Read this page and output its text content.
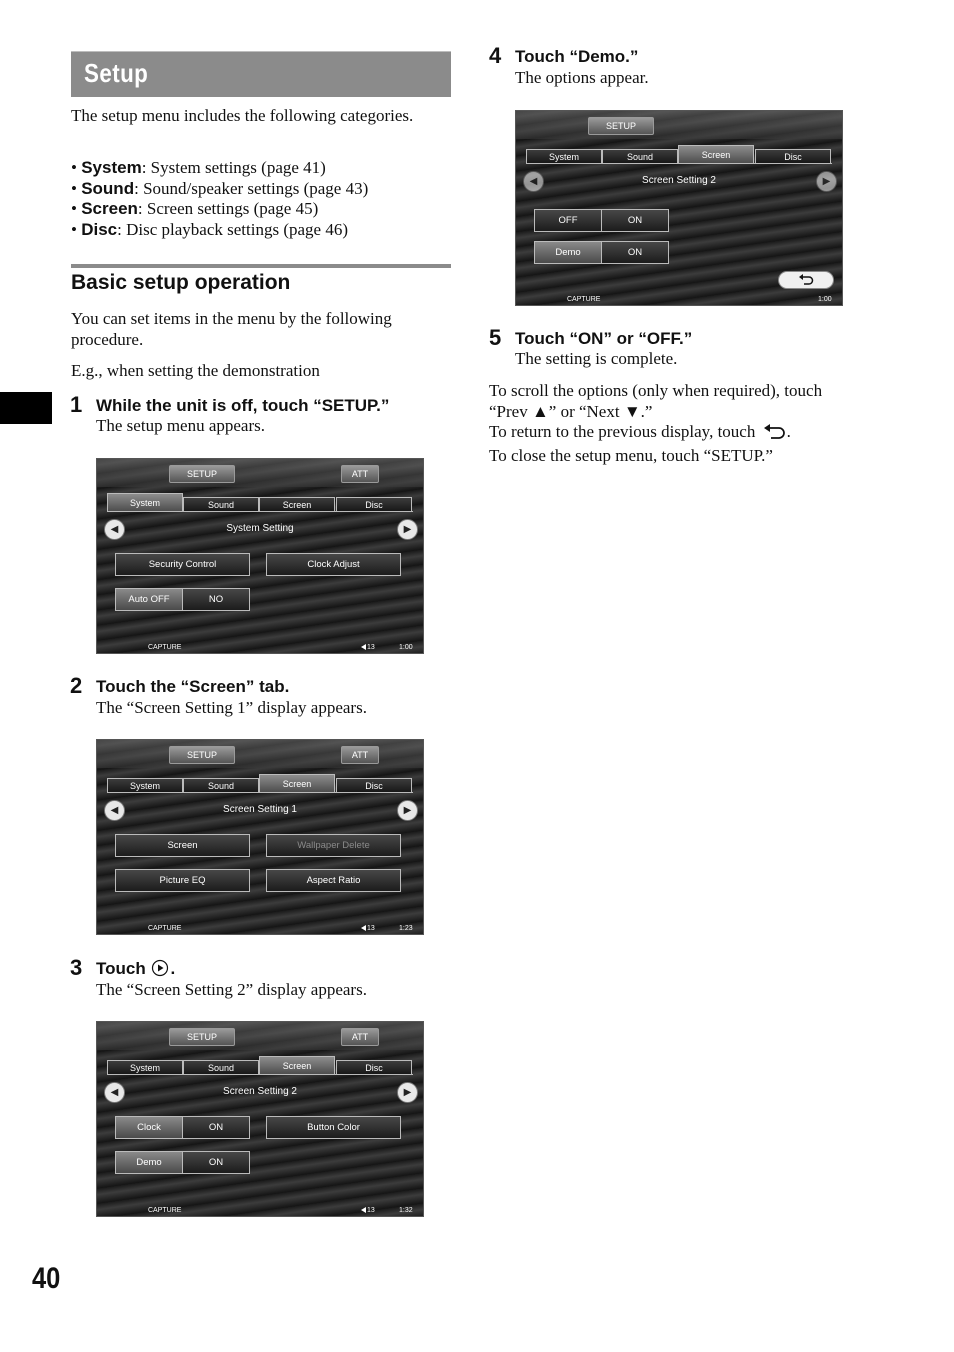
Setup
The setup menu includes the following categories.
• System: System settings (page 41)
• Sound: Sound/speaker settings (page 43)
• Screen: Screen settings (page 45)
• Disc: Disc playback settings (page 46)
Basic setup operation
You can set items in the menu by the following procedure.
E.g., when setting the demonstration
1 While the unit is off, touch “SETUP.”
The setup menu appears.
SETUP	ATT
System	Sound	Screen	Disc
◀	▶
System Setting
Security Control	Clock Adjust
Auto OFF	NO
CAPTURE	13	1:00
2 Touch the “Screen” tab.
The “Screen Setting 1” display appears.
SETUP	ATT
System	Sound	Screen	Disc
◀	▶
Screen Setting 1
Screen	Wallpaper Delete
Picture EQ	Aspect Ratio
CAPTURE	13	1:23
3 Touch .
The “Screen Setting 2” display appears.
SETUP	ATT
System	Sound	Screen	Disc
◀	▶
Screen Setting 2
Clock	ON	Button Color
Demo	ON
CAPTURE	13	1:32
4 Touch “Demo.”
The options appear.
SETUP
System	Sound	Screen	Disc
◀	▶
Screen Setting 2
OFF	ON
Demo	ON
CAPTURE	1:00
5 Touch “ON” or “OFF.”
The setting is complete.
To scroll the options (only when required), touch
“Prev ▲” or “Next ▼.”
To return to the previous display, touch .
To close the setup menu, touch “SETUP.”
40
